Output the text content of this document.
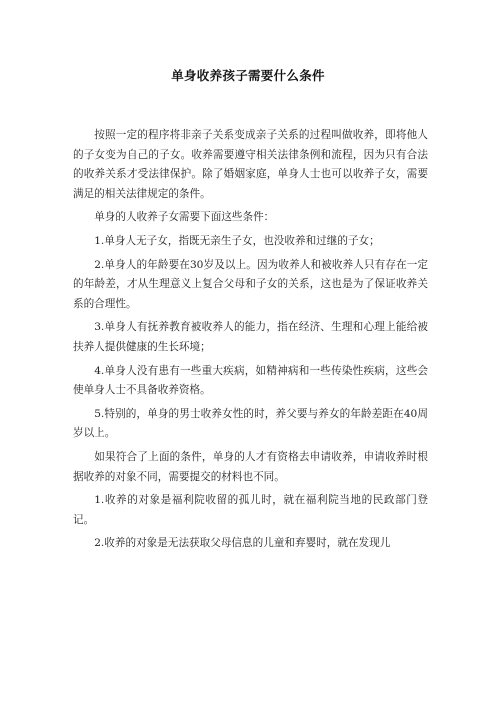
单身收养孩子需要什么条件

按照一定的程序将非亲子关系变成亲子关系的过程叫做收养，即将他人的子女变为自己的子女。收养需要遵守相关法律条例和流程，因为只有合法的收养关系才受法律保护。除了婚姻家庭，单身人士也可以收养子女，需要满足的相关法律规定的条件。

单身的人收养子女需要下面这些条件：

1.单身人无子女，指既无亲生子女，也没收养和过继的子女；

2.单身人的年龄要在30岁及以上。因为收养人和被收养人只有存在一定的年龄差，才从生理意义上复合父母和子女的关系，这也是为了保证收养关系的合理性。

3.单身人有抚养教育被收养人的能力，指在经济、生理和心理上能给被扶养人提供健康的生长环境；

4.单身人没有患有一些重大疾病，如精神病和一些传染性疾病，这些会使单身人士不具备收养资格。

5.特别的，单身的男士收养女性的时，养父要与养女的年龄差距在40周岁以上。

如果符合了上面的条件，单身的人才有资格去申请收养，申请收养时根据收养的对象不同，需要提交的材料也不同。

1.收养的对象是福利院收留的孤儿时，就在福利院当地的民政部门登记。

2.收养的对象是无法获取父母信息的儿童和弃婴时，就在发现儿
